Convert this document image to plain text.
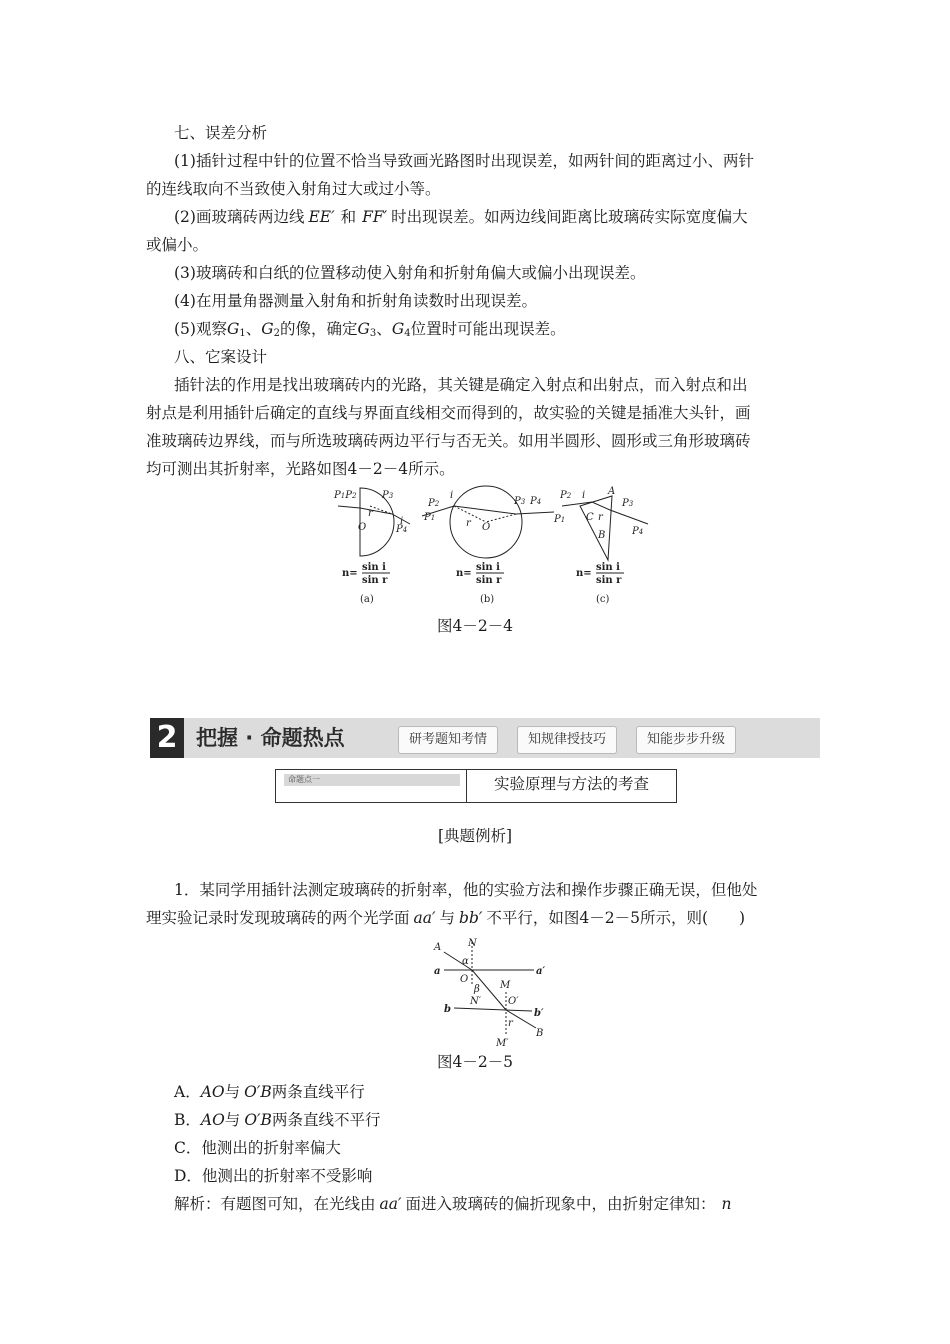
七、误差分析
(1)插针过程中针的位置不恰当导致画光路图时出现误差，如两针间的距离过小、两针
的连线取向不当致使入射角过大或过小等。
(2)画玻璃砖两边线 EE′ 和 FF′ 时出现误差。如两边线间距离比玻璃砖实际宽度偏大
或偏小。
(3)玻璃砖和白纸的位置移动使入射角和折射角偏大或偏小出现误差。
(4)在用量角器测量入射角和折射角读数时出现误差。
(5)观察$G_1$、$G_2$的像，确定$G_3$、$G_4$位置时可能出现误差。
八、它案设计
插针法的作用是找出玻璃砖内的光路，其关键是确定入射点和出射点，而入射点和出
射点是利用插针后确定的直线与界面直线相交而得到的，故实验的关键是插准大头针，画
准玻璃砖边界线，而与所选玻璃砖两边平行与否无关。如用半圆形、圆形或三角形玻璃砖
均可测出其折射率，光路如图4－2－4所示。
P1P2	P3
P4
O
r
i
P2
P1
i
r O
P3 P4
P2
P1
i A
C r
B
P3
P4
n=
sin i
sin r
n=
sin i
sin r
n=
sin i
sin r
(a)	(b)	(c)
图4－2－4
2 把握 · 命题热点	研考题知考情	知规律授技巧	知能步步升级
命题点一	实验原理与方法的考查
[典题例析]
1．某同学用插针法测定玻璃砖的折射率，他的实验方法和操作步骤正确无误，但他处
理实验记录时发现玻璃砖的两个光学面 aa′ 与 bb′ 不平行，如图4－2－5所示，则(　　)
A	N
α
a	a′
O
β M
N′	O′
b	b′
r
B
M′
图4－2－5
A．AO与 O′B两条直线平行
B．AO与 O′B两条直线不平行
C．他测出的折射率偏大
D．他测出的折射率不受影响
解析：有题图可知，在光线由 aa′ 面进入玻璃砖的偏折现象中，由折射定律知： n
